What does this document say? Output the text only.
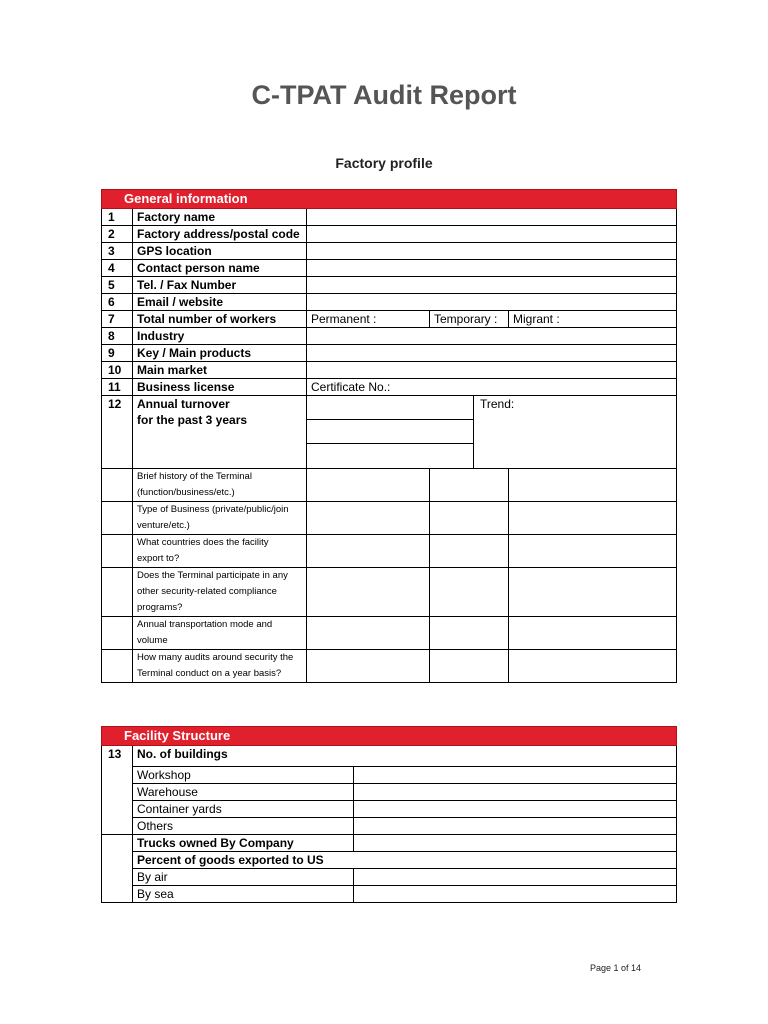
C-TPAT Audit Report
Factory profile
General information					
1	Factory name				
2	Factory address/postal code				
3	GPS location				
4	Contact person name				
5	Tel. / Fax Number				
6	Email / website				
7	Total number of workers	Permanent :	Temporary :		Migrant :
8	Industry				
9	Key / Main products				
10	Main market				
11	Business license	Certificate No.:			
12	Annual turnover			Trend:	
	for the past 3 years				

	Brief history of the Terminal
(function/business/etc.)				

	Type of Business (private/public/join
venture/etc.)				

	What countries does the facility
export to?				

	Does the Terminal participate in any
other security-related compliance
programs?				

	Annual transportation mode and
volume				

	How many audits around security the
Terminal conduct on a year basis?				

Facility Structure		
13	No. of buildings	
	Workshop	
	Warehouse	
	Container yards	
	Others	
	Trucks owned By Company	
	Percent of goods exported to US	
	By air	
	By sea	
Page 1 of 14
